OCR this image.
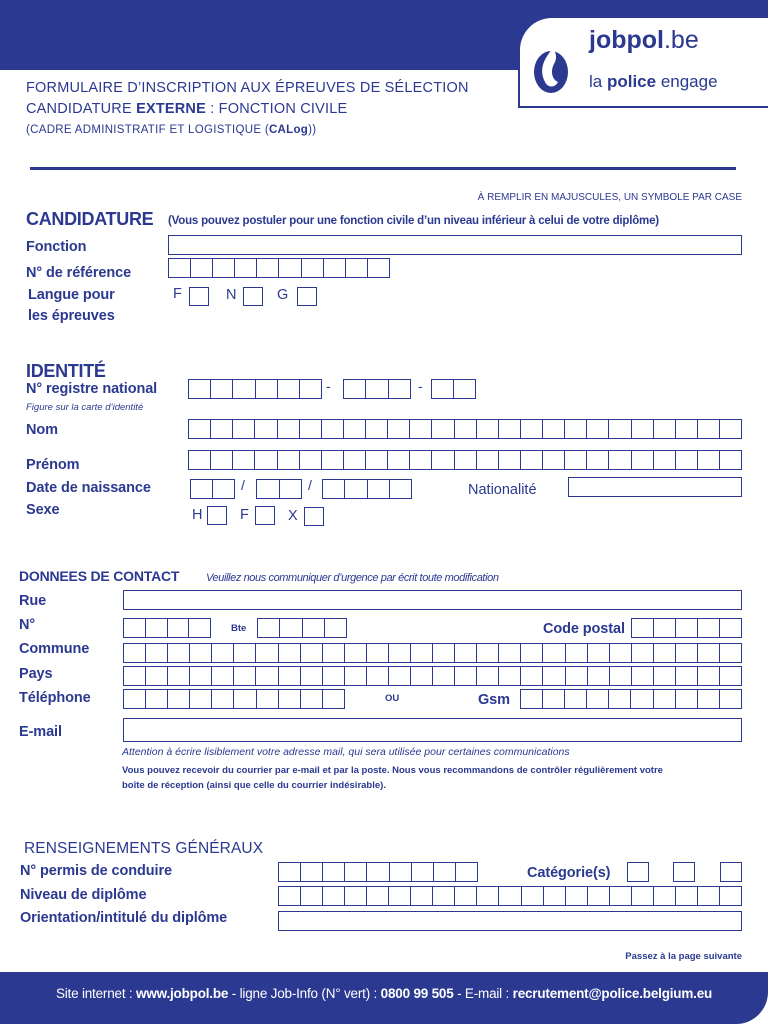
jobpol.be
la police engage
FORMULAIRE D’INSCRIPTION AUX ÉPREUVES DE SÉLECTION
CANDIDATURE EXTERNE : FONCTION CIVILE
(CADRE ADMINISTRATIF ET LOGISTIQUE (CALog))
À REMPLIR EN MAJUSCULES, UN SYMBOLE PAR CASE
CANDIDATURE (Vous pouvez postuler pour une fonction civile d’un niveau inférieur à celui de votre diplôme)
Fonction
N° de référence
Langue pour
les épreuves
F	N	G
IDENTITÉ
N° registre national
Figure sur la carte d’identité
-	-
Nom
Prénom
Date de naissance	/	/	Nationalité
Sexe	H	F	X
DONNEES DE CONTACT Veuillez nous communiquer d’urgence par écrit toute modification
Rue
N°	Bte	Code postal
Commune
Pays
Téléphone	OU	Gsm
E-mail
Attention à écrire lisiblement votre adresse mail, qui sera utilisée pour certaines communications
Vous pouvez recevoir du courrier par e-mail et par la poste. Nous vous recommandons de contrôler régulièrement votre
boîte de réception (ainsi que celle du courrier indésirable).
RENSEIGNEMENTS GÉNÉRAUX
N° permis de conduire	Catégorie(s)
Niveau de diplôme
Orientation/intitulé du diplôme
Passez à la page suivante
Site internet : www.jobpol.be - ligne Job-Info (N° vert) : 0800 99 505 - E-mail : recrutement@police.belgium.eu
